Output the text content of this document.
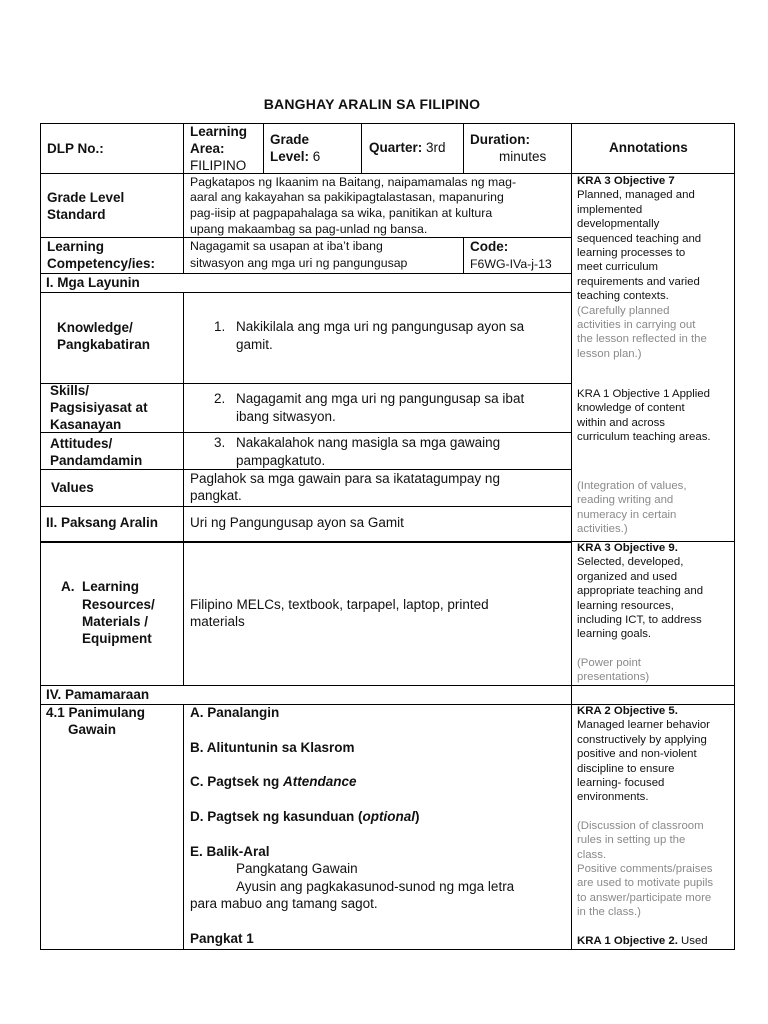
BANGHAY ARALIN SA FILIPINO
DLP No.:
Learning
Area:
FILIPINO
Grade
Level: 6
Quarter: 3rd
Duration:
minutes
Annotations
Grade Level
Standard
Pagkatapos ng Ikaanim na Baitang, naipamamalas ng mag-
aaral ang kakayahan sa pakikipagtalastasan, mapanuring
pag-iisip at pagpapahalaga sa wika, panitikan at kultura
upang makaambag sa pag-unlad ng bansa.
Learning
Competency/ies:
Nagagamit sa usapan at iba’t ibang
sitwasyon ang mga uri ng pangungusap
Code:
F6WG-IVa-j-13
I. Mga Layunin
Knowledge/
Pangkabatiran
1. Nakikilala ang mga uri ng pangungusap ayon sa
gamit.
Skills/
Pagsisiyasat at
Kasanayan
2. Nagagamit ang mga uri ng pangungusap sa ibat
ibang sitwasyon.
Attitudes/
Pandamdamin
3. Nakakalahok nang masigla sa mga gawaing
pampagkatuto.
Values
Paglahok sa mga gawain para sa ikatatagumpay ng
pangkat.
II. Paksang Aralin Uri ng Pangungusap ayon sa Gamit
A. Learning
Resources/
Materials /
Equipment
Filipino MELCs, textbook, tarpapel, laptop, printed
materials
IV. Pamamaraan
4.1 Panimulang
Gawain
A. Panalangin
B. Alituntunin sa Klasrom
C. Pagtsek ng Attendance
D. Pagtsek ng kasunduan (optional)
E. Balik-Aral
Pangkatang Gawain
Ayusin ang pagkakasunod-sunod ng mga letra
para mabuo ang tamang sagot.
Pangkat 1
KRA 3 Objective 7
Planned, managed and
implemented
developmentally
sequenced teaching and
learning processes to
meet curriculum
requirements and varied
teaching contexts.
(Carefully planned
activities in carrying out
the lesson reflected in the
lesson plan.)
KRA 1 Objective 1 Applied
knowledge of content
within and across
curriculum teaching areas.
(Integration of values,
reading writing and
numeracy in certain
activities.)
KRA 3 Objective 9.
Selected, developed,
organized and used
appropriate teaching and
learning resources,
including ICT, to address
learning goals.
(Power point
presentations)
KRA 2 Objective 5.
Managed learner behavior
constructively by applying
positive and non-violent
discipline to ensure
learning- focused
environments.
(Discussion of classroom
rules in setting up the
class.
Positive comments/praises
are used to motivate pupils
to answer/participate more
in the class.)
KRA 1 Objective 2. Used
